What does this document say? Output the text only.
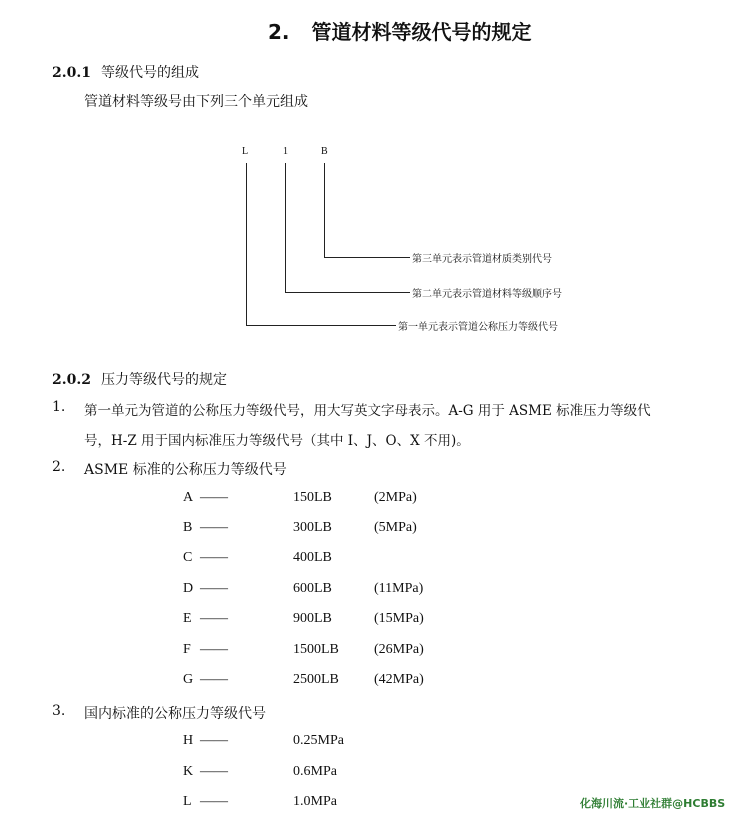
2. 管道材料等级代号的规定
2.0.1 等级代号的组成
管道材料等级号由下列三个单元组成
L	1	B
第三单元表示管道材质类别代号
第二单元表示管道材料等级顺序号
第一单元表示管道公称压力等级代号
2.0.2 压力等级代号的规定
1. 第一单元为管道的公称压力等级代号，用大写英文字母表示。A-G 用于 ASME 标准压力等级代
号，H-Z 用于国内标准压力等级代号（其中 I、J、O、X 不用)。
2. ASME 标准的公称压力等级代号
A ——	150LB	(2MPa)
B ——	300LB	(5MPa)
C ——	400LB
D ——	600LB	(11MPa)
E ——	900LB	(15MPa)
F ——	1500LB	(26MPa)
G ——	2500LB	(42MPa)
3. 国内标准的公称压力等级代号
H ——	0.25MPa
K ——	0.6MPa
L ——	1.0MPa	化海川流·工业社群@HCBBS
